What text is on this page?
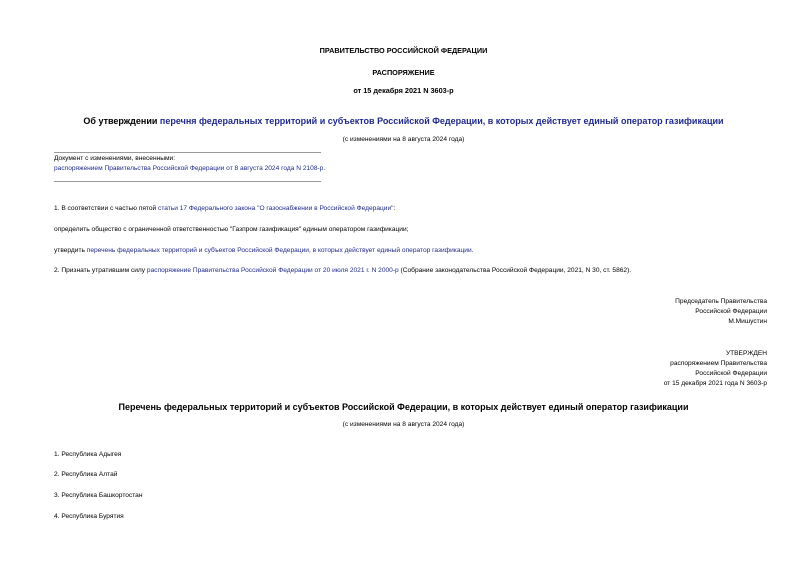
ПРАВИТЕЛЬСТВО РОССИЙСКОЙ ФЕДЕРАЦИИ
РАСПОРЯЖЕНИЕ
от 15 декабря 2021 N 3603-р
Об утверждении перечня федеральных территорий и субъектов Российской Федерации, в которых действует единый оператор газификации
(с изменениями на 8 августа 2024 года)
Документ с изменениями, внесенными:
распоряжением Правительства Российской Федерации от 8 августа 2024 года N 2108-р.
1. В соответствии с частью пятой статьи 17 Федерального закона "О газоснабжении в Российской Федерации":
определить общество с ограниченной ответственностью "Газпром газификация" единым оператором газификации;
утвердить перечень федеральных территорий и субъектов Российской Федерации, в которых действует единый оператор газификации.
2. Признать утратившим силу распоряжение Правительства Российской Федерации от 20 июля 2021 г. N 2000-р (Собрание законодательства Российской Федерации, 2021, N 30, ст. 5862).
Председатель Правительства
Российской Федерации
М.Мишустин
УТВЕРЖДЕН
распоряжением Правительства
Российской Федерации
от 15 декабря 2021 года N 3603-р
Перечень федеральных территорий и субъектов Российской Федерации, в которых действует единый оператор газификации
(с изменениями на 8 августа 2024 года)
1. Республика Адыгея
2. Республика Алтай
3. Республика Башкортостан
4. Республика Бурятия
